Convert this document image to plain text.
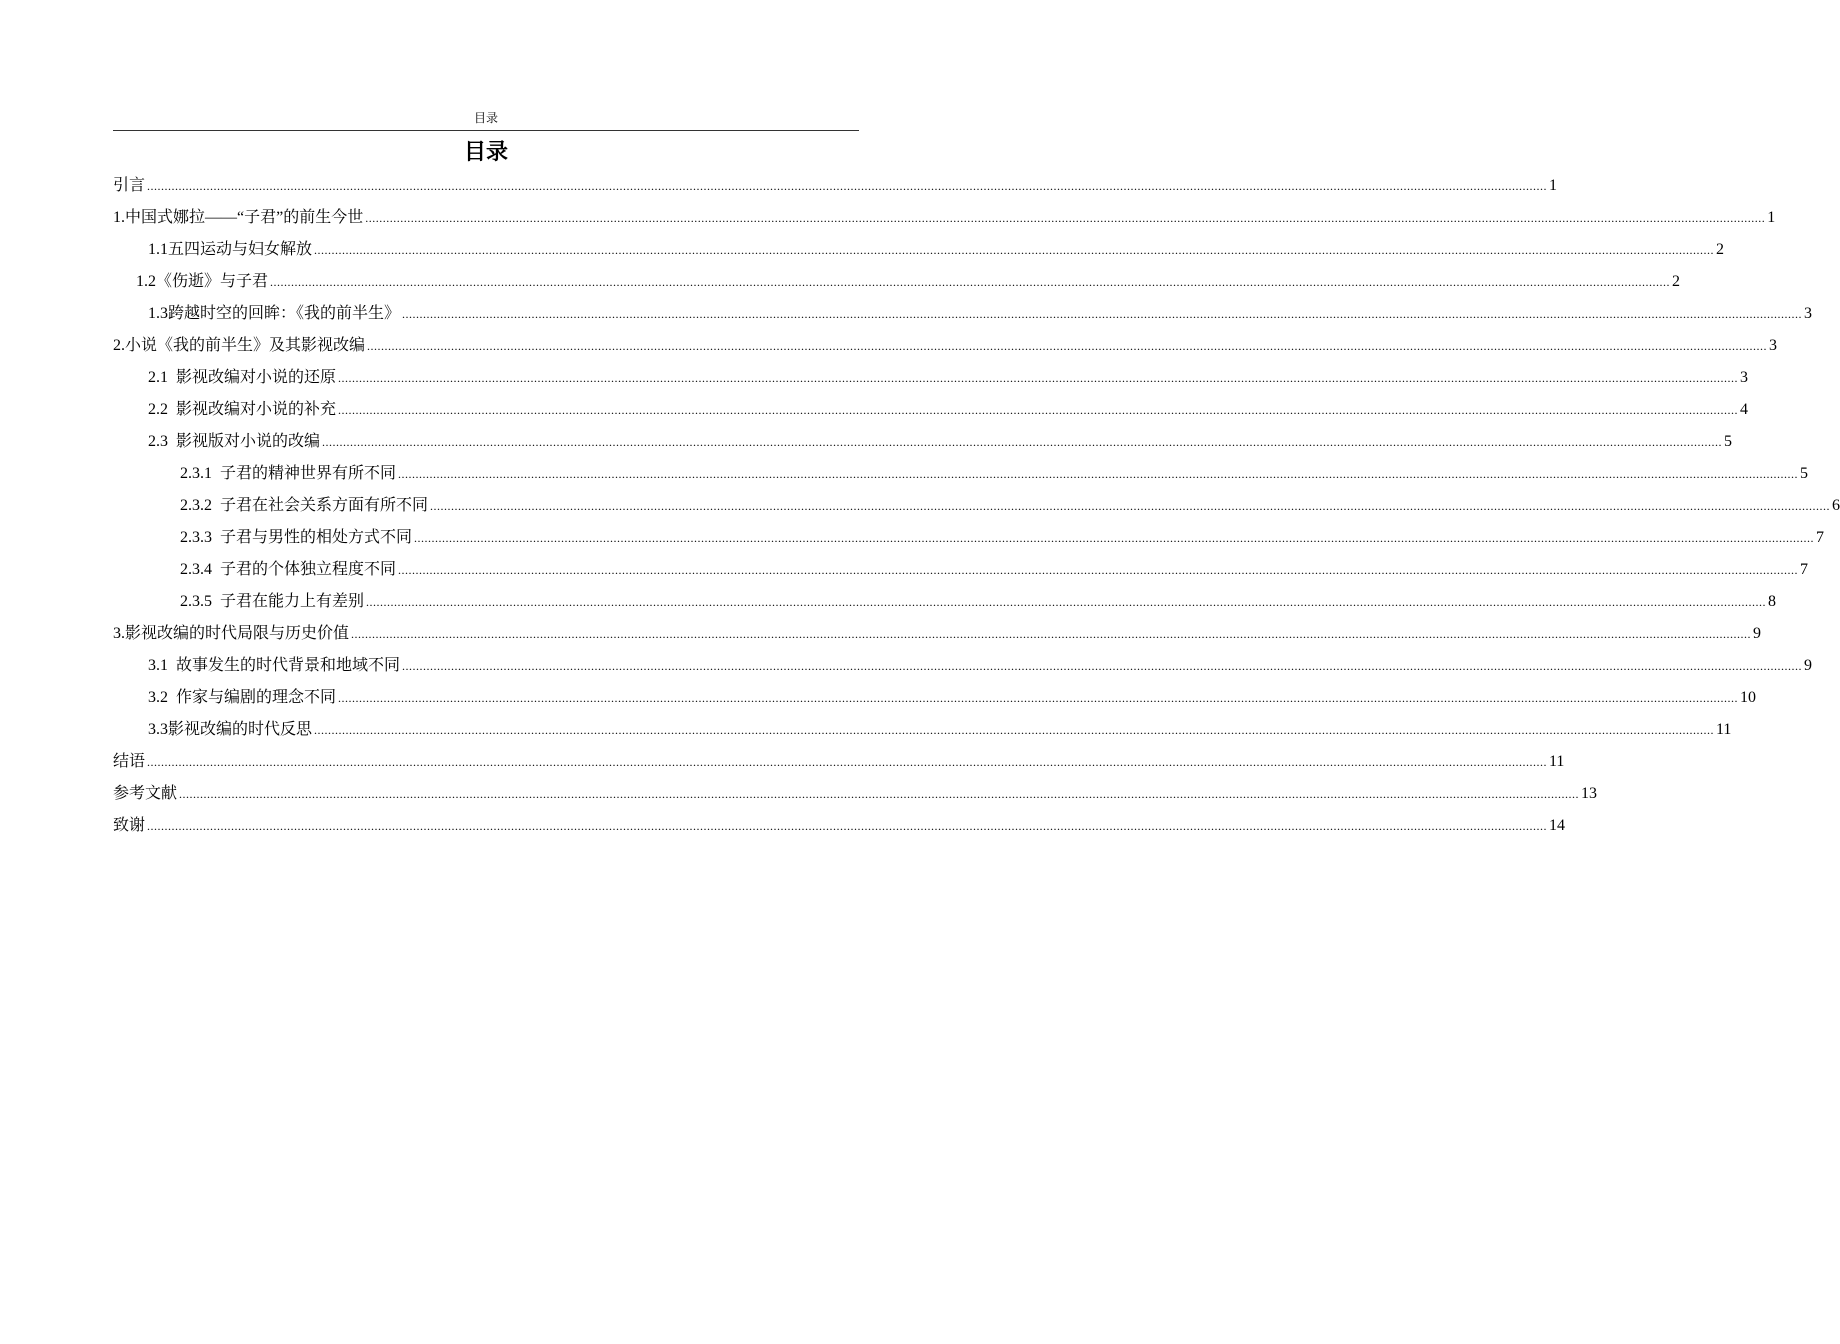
目录
目录
引言 ................................................................................................................................................................................................................................................................................................................................................................................................................ 1
1.中国式娜拉——“子君”的前生今世 ................................................................................................................................................................................................................................................................................................................................................................................................................ 1
1.1五四运动与妇女解放 ................................................................................................................................................................................................................................................................................................................................................................................................................ 2
1.2《伤逝》与子君 ................................................................................................................................................................................................................................................................................................................................................................................................................ 2
1.3跨越时空的回眸：《我的前半生》 ................................................................................................................................................................................................................................................................................................................................................................................................................ 3
2.小说《我的前半生》及其影视改编 ................................................................................................................................................................................................................................................................................................................................................................................................................ 3
2.1  影视改编对小说的还原 ................................................................................................................................................................................................................................................................................................................................................................................................................ 3
2.2  影视改编对小说的补充 ................................................................................................................................................................................................................................................................................................................................................................................................................ 4
2.3  影视版对小说的改编 ................................................................................................................................................................................................................................................................................................................................................................................................................ 5
2.3.1  子君的精神世界有所不同 ................................................................................................................................................................................................................................................................................................................................................................................................................ 5
2.3.2  子君在社会关系方面有所不同 ................................................................................................................................................................................................................................................................................................................................................................................................................ 6
2.3.3  子君与男性的相处方式不同 ................................................................................................................................................................................................................................................................................................................................................................................................................ 7
2.3.4  子君的个体独立程度不同 ................................................................................................................................................................................................................................................................................................................................................................................................................ 7
2.3.5  子君在能力上有差别 ................................................................................................................................................................................................................................................................................................................................................................................................................ 8
3.影视改编的时代局限与历史价值 ................................................................................................................................................................................................................................................................................................................................................................................................................ 9
3.1  故事发生的时代背景和地域不同 ................................................................................................................................................................................................................................................................................................................................................................................................................ 9
3.2  作家与编剧的理念不同 ................................................................................................................................................................................................................................................................................................................................................................................................................ 10
3.3影视改编的时代反思 ................................................................................................................................................................................................................................................................................................................................................................................................................ 11
结语 ................................................................................................................................................................................................................................................................................................................................................................................................................ 11
参考文献 ................................................................................................................................................................................................................................................................................................................................................................................................................ 13
致谢 ................................................................................................................................................................................................................................................................................................................................................................................................................ 14
